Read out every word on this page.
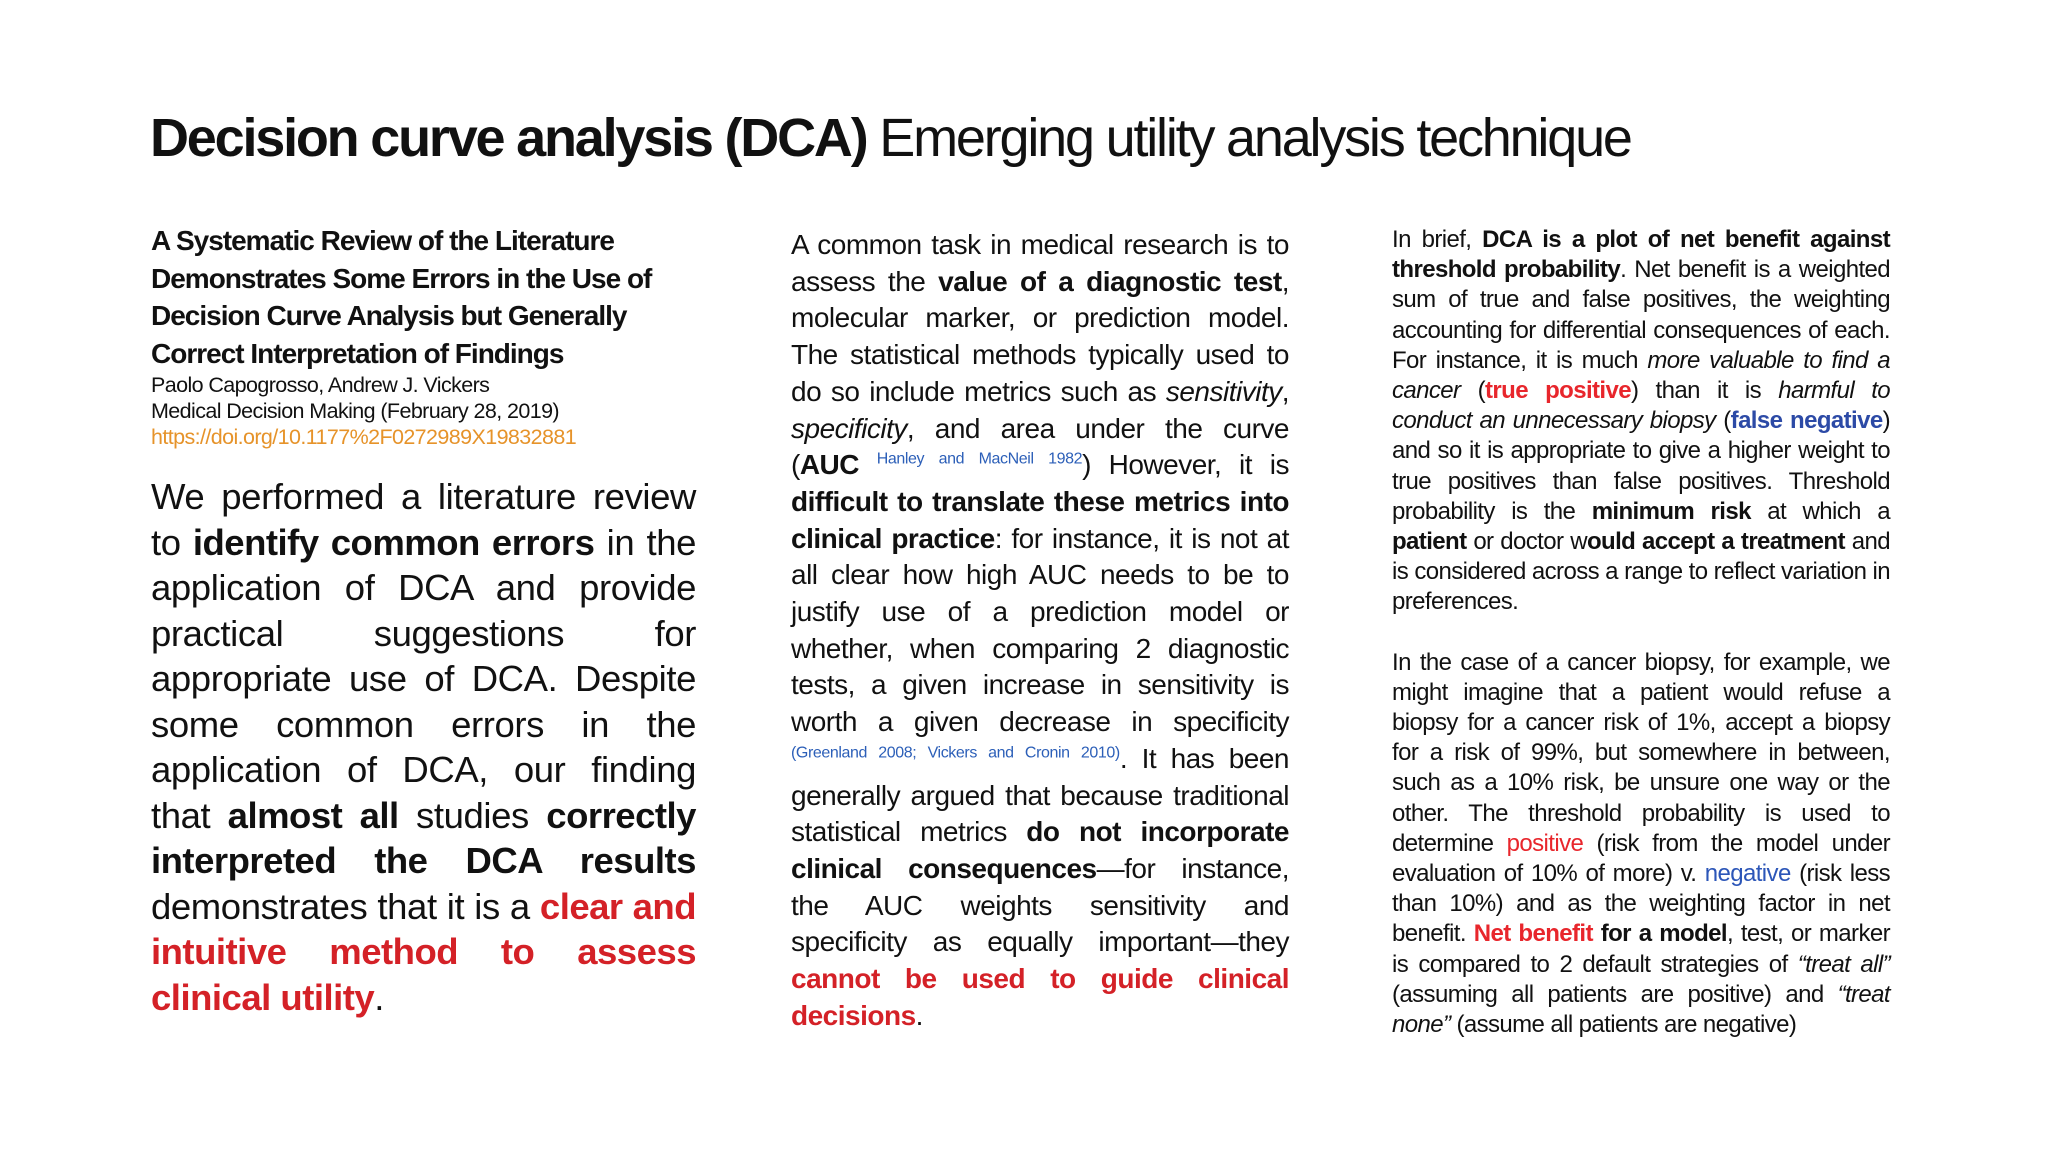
Decision curve analysis (DCA) Emerging utility analysis technique

A Systematic Review of the Literature Demonstrates Some Errors in the Use of Decision Curve Analysis but Generally Correct Interpretation of Findings

Paolo Capogrosso, Andrew J. Vickers
Medical Decision Making (February 28, 2019)
https://doi.org/10.1177%2F0272989X19832881

We performed a literature review to identify common errors in the application of DCA and provide practical suggestions for appropriate use of DCA. Despite some common errors in the application of DCA, our finding that almost all studies correctly interpreted the DCA results demonstrates that it is a clear and intuitive method to assess clinical utility.

A common task in medical research is to assess the value of a diagnostic test, molecular marker, or prediction model. The statistical methods typically used to do so include metrics such as sensitivity, specificity, and area under the curve (AUC $^{Hanley and MacNeil 1982}$) However, it is difficult to translate these metrics into clinical practice: for instance, it is not at all clear how high AUC needs to be to justify use of a prediction model or whether, when comparing 2 diagnostic tests, a given increase in sensitivity is worth a given decrease in specificity $^{(Greenland 2008; Vickers and Cronin 2010)}$. It has been generally argued that because traditional statistical metrics do not incorporate clinical consequences—for instance, the AUC weights sensitivity and specificity as equally important—they cannot be used to guide clinical decisions.

In brief, DCA is a plot of net benefit against threshold probability. Net benefit is a weighted sum of true and false positives, the weighting accounting for differential consequences of each. For instance, it is much more valuable to find a cancer (true positive) than it is harmful to conduct an unnecessary biopsy (false negative) and so it is appropriate to give a higher weight to true positives than false positives. Threshold probability is the minimum risk at which a patient or doctor would accept a treatment and is considered across a range to reflect variation in preferences.

In the case of a cancer biopsy, for example, we might imagine that a patient would refuse a biopsy for a cancer risk of 1%, accept a biopsy for a risk of 99%, but somewhere in between, such as a 10% risk, be unsure one way or the other. The threshold probability is used to determine positive (risk from the model under evaluation of 10% of more) v. negative (risk less than 10%) and as the weighting factor in net benefit. Net benefit for a model, test, or marker is compared to 2 default strategies of “treat all” (assuming all patients are positive) and “treat none” (assume all patients are negative)
